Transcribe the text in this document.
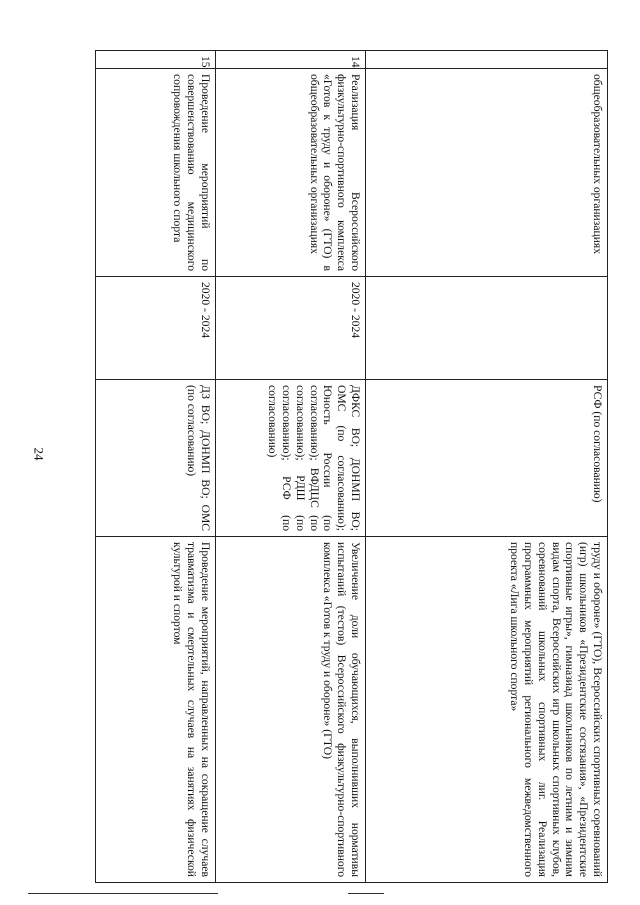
24
	общеобразовательных организациях		РСФ (по согласованию)	труду и обороне» (ГТО), Всероссийских спортивных соревнований (игр) школьников «Президентские состязания», «Президентские спортивные игры», гимназиад школьников по летним и зимним видам спорта, Всероссийских игр школьных спортивных клубов, соревнований школьных спортивных лиг. Реализация программных мероприятий регионального межведомственного проекта «Лига школьного спорта»
14	Реализация Всероссийского физкультурно-спортивного комплекса «Готов к труду и обороне» (ГТО) в общеобразовательных организациях	2020 - 2024	ДФКС ВО; ДОНМП ВО; ОМС (по согласованию); Юность России (по согласованию); ВФДЦС (по согласованию); РДШ (по согласованию); РСФ (по согласованию)	Увеличение доли обучающихся, выполнивших нормативы испытаний (тестов) Всероссийского физкультурно-спортивного комплекса «Готов к труду и обороне» (ГТО)
15	Проведение мероприятий по совершенствованию медицинского сопровождения школьного спорта	2020 - 2024	ДЗ ВО; ДОНМП ВО; ОМС (по согласованию)	Проведение мероприятий, направленных на сокращение случаев травматизма и смертельных случаев на занятиях физической культурой и спортом
